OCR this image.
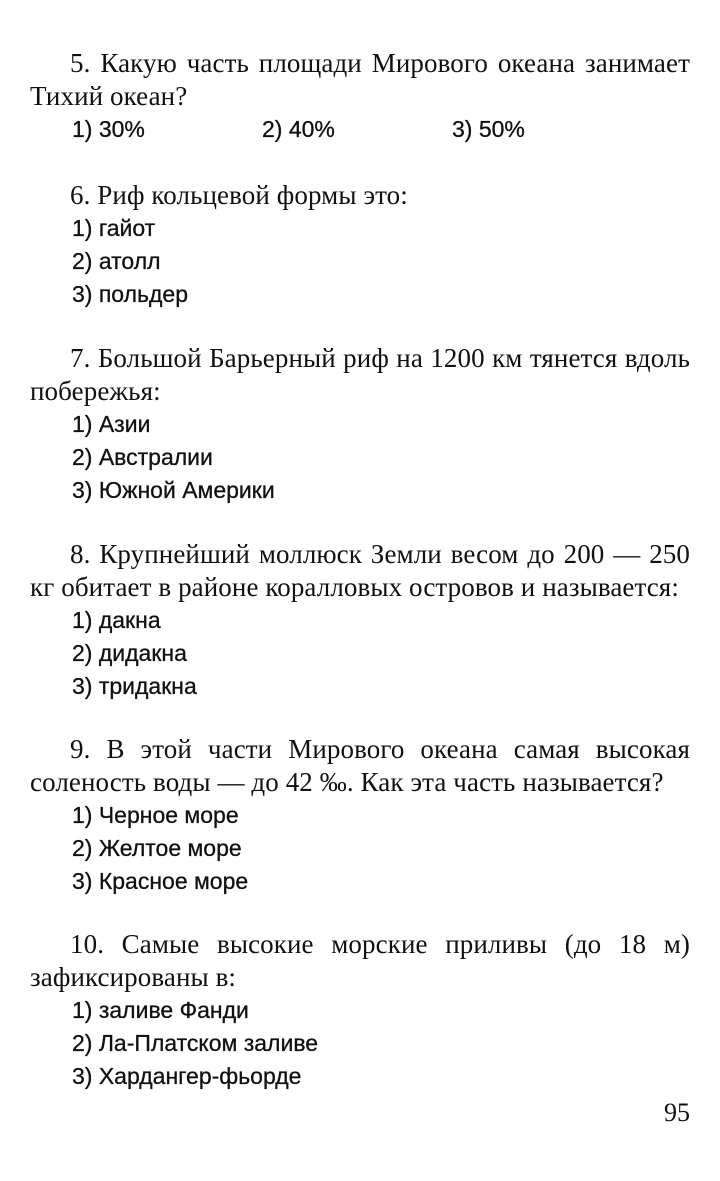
5. Какую часть площади Мирового океана занимает Тихий океан?

1) 30%	2) 40%	3) 50%

6. Риф кольцевой формы это:

1) гайот

2) атолл

3) польдер

7. Большой Барьерный риф на 1200 км тянется вдоль побережья:

1) Азии

2) Австралии

3) Южной Америки

8. Крупнейший моллюск Земли весом до 200 — 250 кг обитает в районе коралловых островов и называется:

1) дакна

2) дидакна

3) тридакна

9. В этой части Мирового океана самая высокая соленость воды — до 42 ‰. Как эта часть называется?

1) Черное море

2) Желтое море

3) Красное море

10. Самые высокие морские приливы (до 18 м) зафиксированы в:

1) заливе Фанди

2) Ла-Платском заливе

3) Хардангер-фьорде

95
